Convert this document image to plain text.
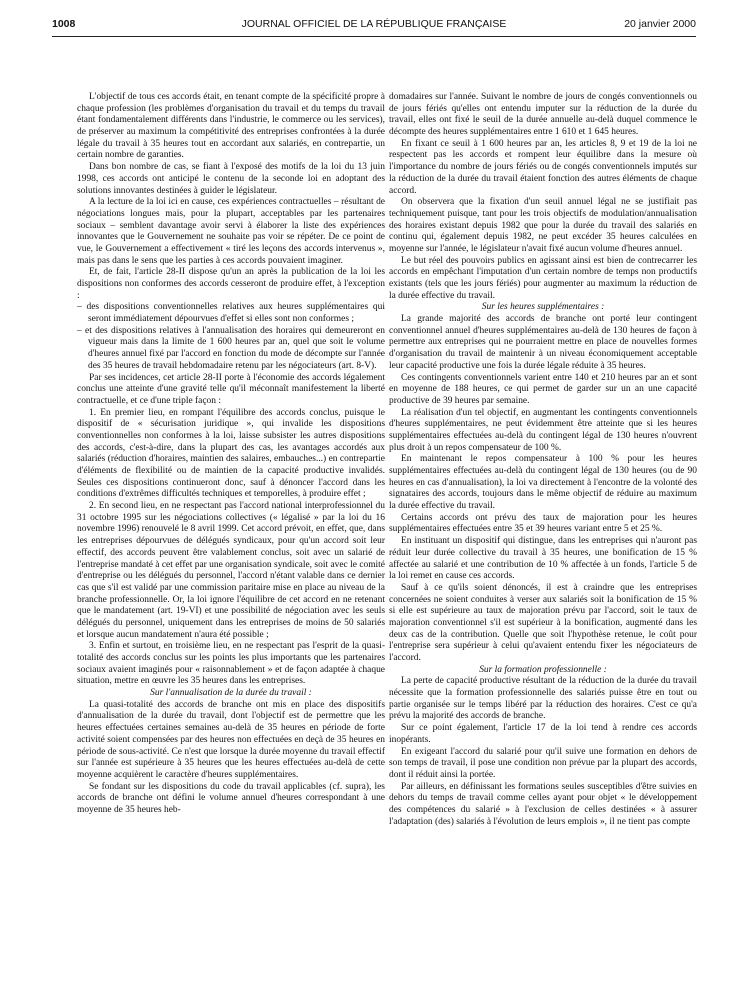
1008	JOURNAL OFFICIEL DE LA RÉPUBLIQUE FRANÇAISE	20 janvier 2000

L'objectif de tous ces accords était, en tenant compte de la spécificité propre à chaque profession (les problèmes d'organisation du travail et du temps du travail étant fondamentalement différents dans l'industrie, le commerce ou les services), de préserver au maximum la compétitivité des entreprises confrontées à la durée légale du travail à 35 heures tout en accordant aux salariés, en contrepartie, un certain nombre de garanties.

Dans bon nombre de cas, se fiant à l'exposé des motifs de la loi du 13 juin 1998, ces accords ont anticipé le contenu de la seconde loi en adoptant des solutions innovantes destinées à guider le législateur.

A la lecture de la loi ici en cause, ces expériences contractuelles – résultant de négociations longues mais, pour la plupart, acceptables par les partenaires sociaux – semblent davantage avoir servi à élaborer la liste des expériences innovantes que le Gouvernement ne souhaite pas voir se répéter. De ce point de vue, le Gouvernement a effectivement « tiré les leçons des accords intervenus », mais pas dans le sens que les parties à ces accords pouvaient imaginer.

Et, de fait, l'article 28-II dispose qu'un an après la publication de la loi les dispositions non conformes des accords cesseront de produire effet, à l'exception :

– des dispositions conventionnelles relatives aux heures supplémentaires qui seront immédiatement dépourvues d'effet si elles sont non conformes ;
– et des dispositions relatives à l'annualisation des horaires qui demeureront en vigueur mais dans la limite de 1 600 heures par an, quel que soit le volume d'heures annuel fixé par l'accord en fonction du mode de décompte sur l'année des 35 heures de travail hebdomadaire retenu par les négociateurs (art. 8-V).

Par ses incidences, cet article 28-II porte à l'économie des accords légalement conclus une atteinte d'une gravité telle qu'il méconnaît manifestement la liberté contractuelle, et ce d'une triple façon :

1. En premier lieu, en rompant l'équilibre des accords conclus, puisque le dispositif de « sécurisation juridique », qui invalide les dispositions conventionnelles non conformes à la loi, laisse subsister les autres dispositions des accords, c'est-à-dire, dans la plupart des cas, les avantages accordés aux salariés (réduction d'horaires, maintien des salaires, embauches...) en contrepartie d'éléments de flexibilité ou de maintien de la capacité productive invalidés. Seules ces dispositions continueront donc, sauf à dénoncer l'accord dans les conditions d'extrêmes difficultés techniques et temporelles, à produire effet ;

2. En second lieu, en ne respectant pas l'accord national interprofessionnel du 31 octobre 1995 sur les négociations collectives (« légalisé » par la loi du 16 novembre 1996) renouvelé le 8 avril 1999. Cet accord prévoit, en effet, que, dans les entreprises dépourvues de délégués syndicaux, pour qu'un accord soit leur effectif, des accords peuvent être valablement conclus, soit avec un salarié de l'entreprise mandaté à cet effet par une organisation syndicale, soit avec le comité d'entreprise ou les délégués du personnel, l'accord n'étant valable dans ce dernier cas que s'il est validé par une commission paritaire mise en place au niveau de la branche professionnelle. Or, la loi ignore l'équilibre de cet accord en ne retenant que le mandatement (art. 19-VI) et une possibilité de négociation avec les seuls délégués du personnel, uniquement dans les entreprises de moins de 50 salariés et lorsque aucun mandatement n'aura été possible ;

3. Enfin et surtout, en troisième lieu, en ne respectant pas l'esprit de la quasi-totalité des accords conclus sur les points les plus importants que les partenaires sociaux avaient imaginés pour « raisonnablement » et de façon adaptée à chaque situation, mettre en œuvre les 35 heures dans les entreprises.

Sur l'annualisation de la durée du travail :

La quasi-totalité des accords de branche ont mis en place des dispositifs d'annualisation de la durée du travail, dont l'objectif est de permettre que les heures effectuées certaines semaines au-delà de 35 heures en période de forte activité soient compensées par des heures non effectuées en deçà de 35 heures en période de sous-activité. Ce n'est que lorsque la durée moyenne du travail effectif sur l'année est supérieure à 35 heures que les heures effectuées au-delà de cette moyenne acquièrent le caractère d'heures supplémentaires.

Se fondant sur les dispositions du code du travail applicables (cf. supra), les accords de branche ont défini le volume annuel d'heures correspondant à une moyenne de 35 heures heb-

domadaires sur l'année. Suivant le nombre de jours de congés conventionnels ou de jours fériés qu'elles ont entendu imputer sur la réduction de la durée du travail, elles ont fixé le seuil de la durée annuelle au-delà duquel commence le décompte des heures supplémentaires entre 1 610 et 1 645 heures.

En fixant ce seuil à 1 600 heures par an, les articles 8, 9 et 19 de la loi ne respectent pas les accords et rompent leur équilibre dans la mesure où l'importance du nombre de jours fériés ou de congés conventionnels imputés sur la réduction de la durée du travail étaient fonction des autres éléments de chaque accord.

On observera que la fixation d'un seuil annuel légal ne se justifiait pas techniquement puisque, tant pour les trois objectifs de modulation/annualisation des horaires existant depuis 1982 que pour la durée du travail des salariés en continu qui, également depuis 1982, ne peut excéder 35 heures calculées en moyenne sur l'année, le législateur n'avait fixé aucun volume d'heures annuel.

Le but réel des pouvoirs publics en agissant ainsi est bien de contrecarrer les accords en empêchant l'imputation d'un certain nombre de temps non productifs existants (tels que les jours fériés) pour augmenter au maximum la réduction de la durée effective du travail.

Sur les heures supplémentaires :

La grande majorité des accords de branche ont porté leur contingent conventionnel annuel d'heures supplémentaires au-delà de 130 heures de façon à permettre aux entreprises qui ne pourraient mettre en place de nouvelles formes d'organisation du travail de maintenir à un niveau économiquement acceptable leur capacité productive une fois la durée légale réduite à 35 heures.

Ces contingents conventionnels varient entre 140 et 210 heures par an et sont en moyenne de 188 heures, ce qui permet de garder sur un an une capacité productive de 39 heures par semaine.

La réalisation d'un tel objectif, en augmentant les contingents conventionnels d'heures supplémentaires, ne peut évidemment être atteinte que si les heures supplémentaires effectuées au-delà du contingent légal de 130 heures n'ouvrent plus droit à un repos compensateur de 100 %.

En maintenant le repos compensateur à 100 % pour les heures supplémentaires effectuées au-delà du contingent légal de 130 heures (ou de 90 heures en cas d'annualisation), la loi va directement à l'encontre de la volonté des signataires des accords, toujours dans le même objectif de réduire au maximum la durée effective du travail.

Certains accords ont prévu des taux de majoration pour les heures supplémentaires effectuées entre 35 et 39 heures variant entre 5 et 25 %.

En instituant un dispositif qui distingue, dans les entreprises qui n'auront pas réduit leur durée collective du travail à 35 heures, une bonification de 15 % affectée au salarié et une contribution de 10 % affectée à un fonds, l'article 5 de la loi remet en cause ces accords.

Sauf à ce qu'ils soient dénoncés, il est à craindre que les entreprises concernées ne soient conduites à verser aux salariés soit la bonification de 15 % si elle est supérieure au taux de majoration prévu par l'accord, soit le taux de majoration conventionnel s'il est supérieur à la bonification, augmenté dans les deux cas de la contribution. Quelle que soit l'hypothèse retenue, le coût pour l'entreprise sera supérieur à celui qu'avaient entendu fixer les négociateurs de l'accord.

Sur la formation professionnelle :

La perte de capacité productive résultant de la réduction de la durée du travail nécessite que la formation professionnelle des salariés puisse être en tout ou partie organisée sur le temps libéré par la réduction des horaires. C'est ce qu'a prévu la majorité des accords de branche.

Sur ce point également, l'article 17 de la loi tend à rendre ces accords inopérants.

En exigeant l'accord du salarié pour qu'il suive une formation en dehors de son temps de travail, il pose une condition non prévue par la plupart des accords, dont il réduit ainsi la portée.

Par ailleurs, en définissant les formations seules susceptibles d'être suivies en dehors du temps de travail comme celles ayant pour objet « le développement des compétences du salarié » à l'exclusion de celles destinées « à assurer l'adaptation (des) salariés à l'évolution de leurs emplois », il ne tient pas compte
